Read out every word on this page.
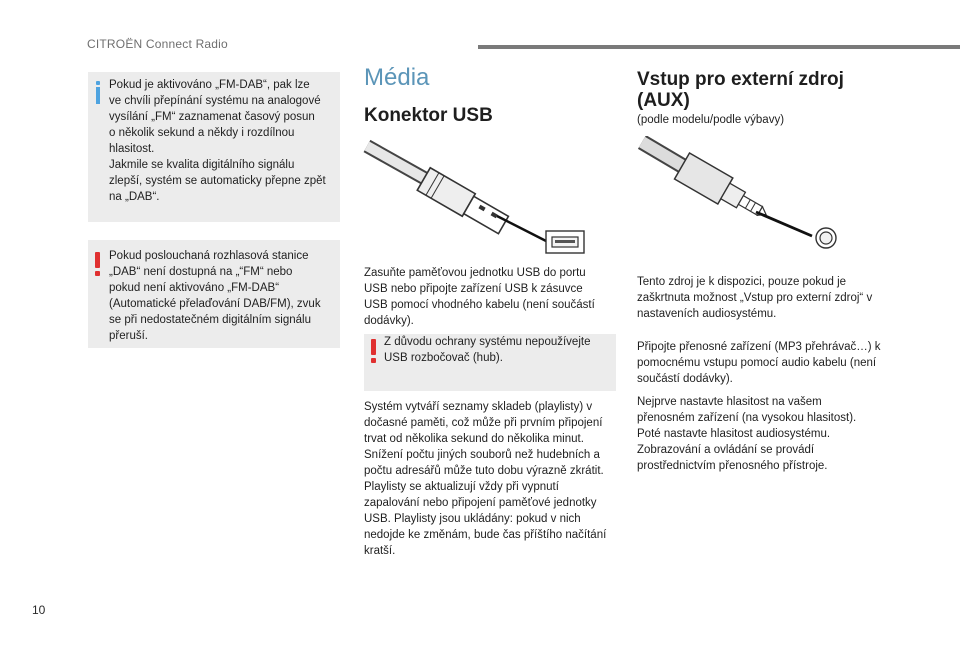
CITROËN Connect Radio
Pokud je aktivováno „FM-DAB“, pak lze
ve chvíli přepínání systému na analogové
vysílání „FM“ zaznamenat časový posun
o několik sekund a někdy i rozdílnou
hlasitost.
Jakmile se kvalita digitálního signálu
zlepší, systém se automaticky přepne zpět
na „DAB“.
Pokud poslouchaná rozhlasová stanice
„DAB“ není dostupná na „“FM“ nebo
pokud není aktivováno „FM-DAB“
(Automatické přelaďování DAB/FM), zvuk
se při nedostatečném digitálním signálu
přeruší.
Média
Konektor USB
Zasuňte paměťovou jednotku USB do portu
USB nebo připojte zařízení USB k zásuvce
USB pomocí vhodného kabelu (není součástí
dodávky).
Z důvodu ochrany systému nepoužívejte
USB rozbočovač (hub).
Systém vytváří seznamy skladeb (playlisty) v
dočasné paměti, což může při prvním připojení
trvat od několika sekund do několika minut.
Snížení počtu jiných souborů než hudebních a
počtu adresářů může tuto dobu výrazně zkrátit.
Playlisty se aktualizují vždy při vypnutí
zapalování nebo připojení paměťové jednotky
USB. Playlisty jsou ukládány: pokud v nich
nedojde ke změnám, bude čas příštího načítání
kratší.
Vstup pro externí zdroj
(AUX)
(podle modelu/podle výbavy)
Tento zdroj je k dispozici, pouze pokud je
zaškrtnuta možnost „Vstup pro externí zdroj“ v
nastaveních audiosystému.
Připojte přenosné zařízení (MP3 přehrávač…) k
pomocnému vstupu pomocí audio kabelu (není
součástí dodávky).
Nejprve nastavte hlasitost na vašem
přenosném zařízení (na vysokou hlasitost).
Poté nastavte hlasitost audiosystému.
Zobrazování a ovládání se provádí
prostřednictvím přenosného přístroje.
10
